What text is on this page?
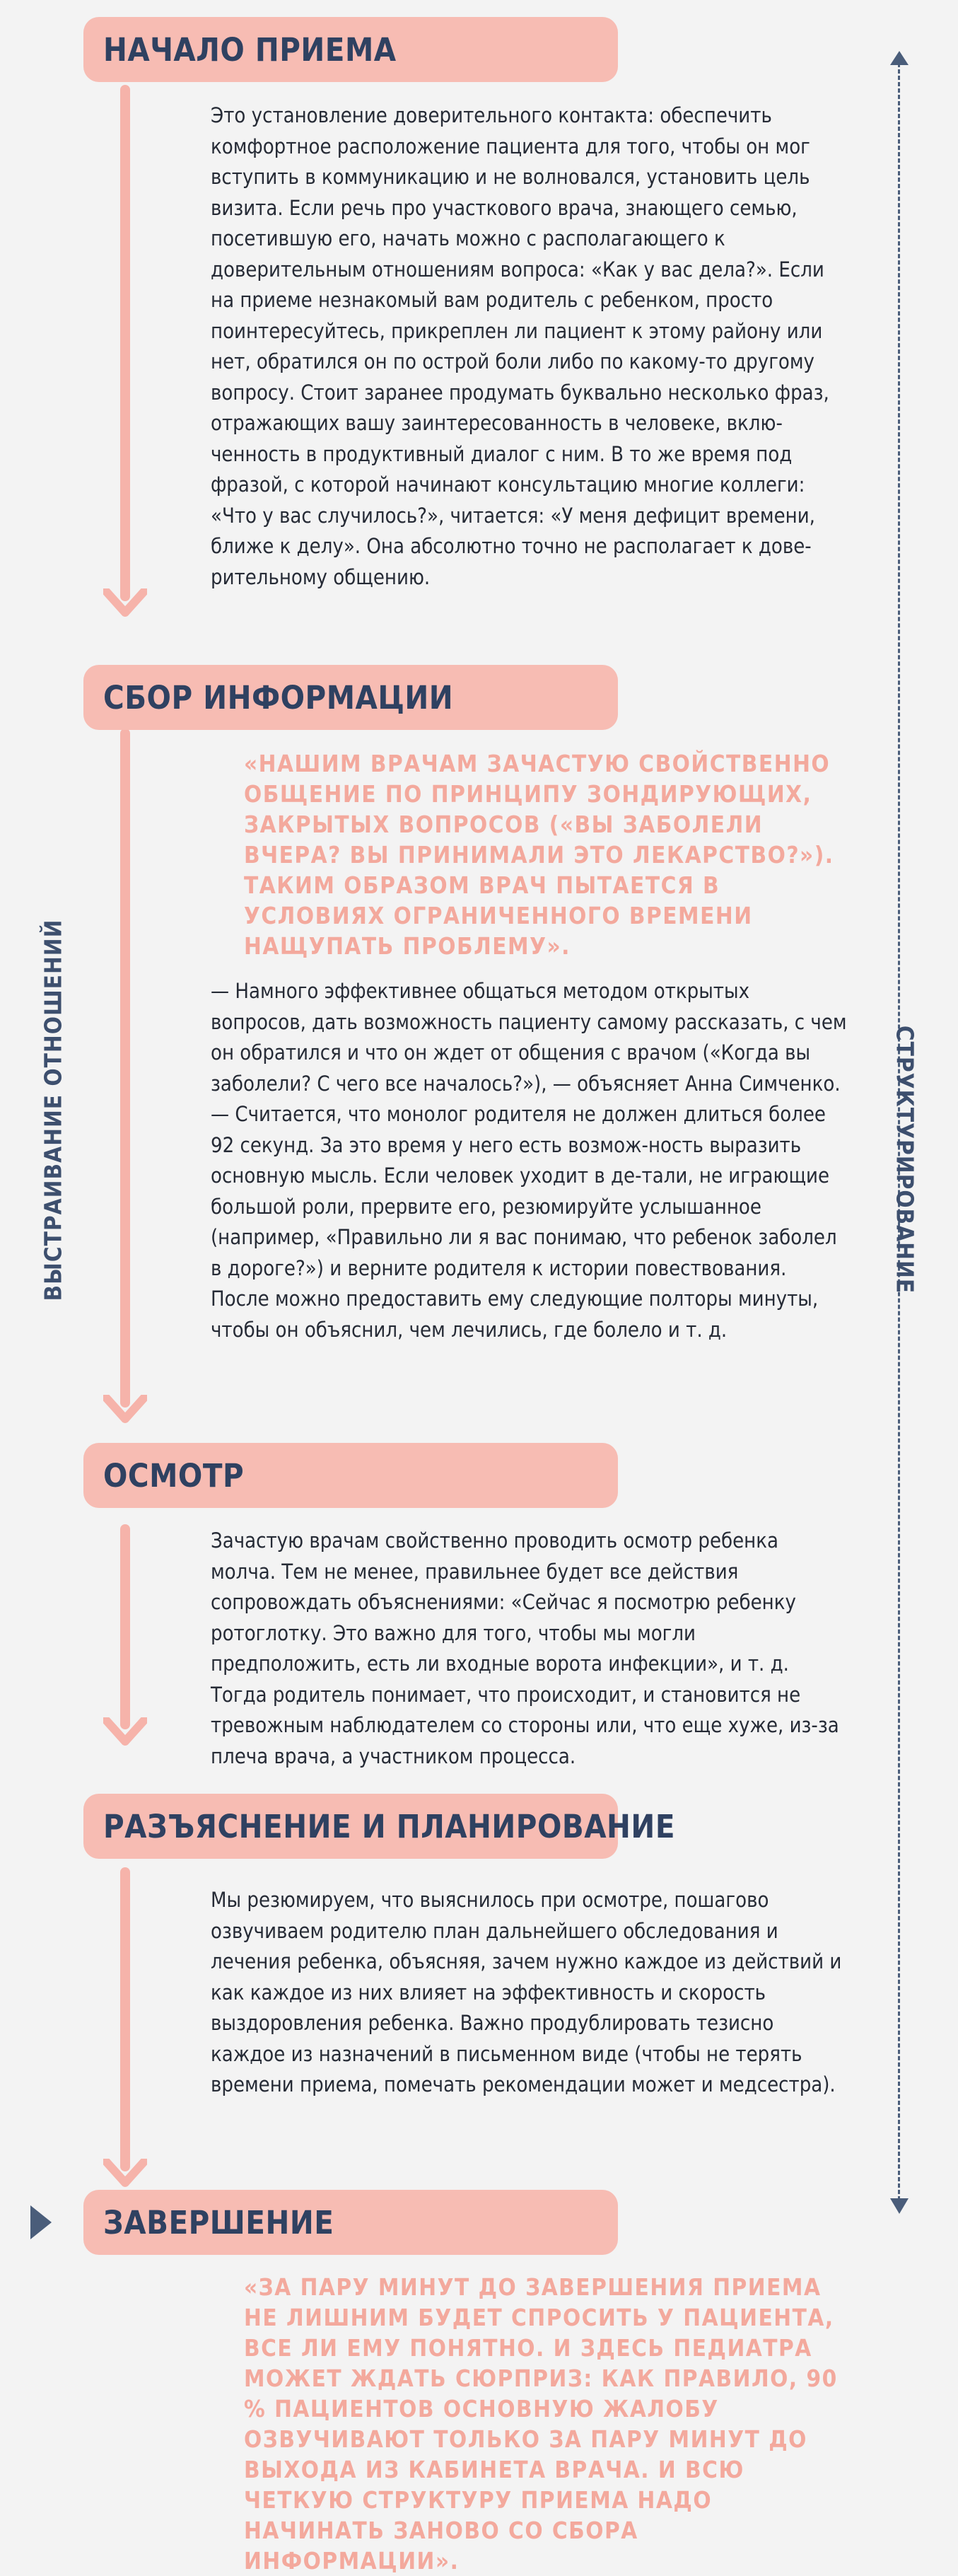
ВЫСТРАИВАНИЕ ОТНОШЕНИЙ	СТРУКТУРИРОВАНИЕ
НАЧАЛО ПРИЕМА
Это установление доверительного контакта: обеспечить комфортное расположение пациента для того, чтобы он мог вступить в коммуникацию и не волновался, установить цель визита. Если речь про участкового врача, знающего семью, посетившую его, начать можно с располагающего к доверительным отношениям вопроса: «Как у вас дела?». Если на приеме незнакомый вам родитель с ребенком, просто поинтересуйтесь, прикреплен ли пациент к этому району или нет, обратился он по острой боли либо по какому-то другому вопросу. Стоит заранее продумать буквально несколько фраз, отражающих вашу заинтересованность в человеке, вклю-ченность в продуктивный диалог с ним. В то же время под фразой, с которой начинают консультацию многие коллеги: «Что у вас случилось?», читается: «У меня дефицит времени, ближе к делу». Она абсолютно точно не располагает к дове-рительному общению.
СБОР ИНФОРМАЦИИ
«НАШИМ ВРАЧАМ ЗАЧАСТУЮ СВОЙСТВЕННО ОБЩЕНИЕ ПО ПРИНЦИПУ ЗОНДИРУЮЩИХ, ЗАКРЫТЫХ ВОПРОСОВ («ВЫ ЗАБОЛЕЛИ ВЧЕРА? ВЫ ПРИНИМАЛИ ЭТО ЛЕКАРСТВО?»). ТАКИМ ОБРАЗОМ ВРАЧ ПЫТАЕТСЯ В УСЛОВИЯХ ОГРАНИЧЕННОГО ВРЕМЕНИ НАЩУПАТЬ ПРОБЛЕМУ».
— Намного эффективнее общаться методом открытых вопросов, дать возможность пациенту самому рассказать, с чем он обратился и что он ждет от общения с врачом («Когда вы заболели? С чего все началось?»), — объясняет Анна Симченко. — Считается, что монолог родителя не должен длиться более 92 секунд. За это время у него есть возмож-ность выразить основную мысль. Если человек уходит в де-тали, не играющие большой роли, прервите его, резюмируйте услышанное (например, «Правильно ли я вас понимаю, что ребенок заболел в дороге?») и верните родителя к истории повествования. После можно предоставить ему следующие полторы минуты, чтобы он объяснил, чем лечились, где болело и т. д.
ОСМОТР
Зачастую врачам свойственно проводить осмотр ребенка молча. Тем не менее, правильнее будет все действия сопровождать объяснениями: «Сейчас я посмотрю ребенку ротоглотку. Это важно для того, чтобы мы могли предположить, есть ли входные ворота инфекции», и т. д. Тогда родитель понимает, что происходит, и становится не тревожным наблюдателем со стороны или, что еще хуже, из-за плеча врача, а участником процесса.
РАЗЪЯСНЕНИЕ И ПЛАНИРОВАНИЕ
Мы резюмируем, что выяснилось при осмотре, пошагово озвучиваем родителю план дальнейшего обследования и лечения ребенка, объясняя, зачем нужно каждое из действий и как каждое из них влияет на эффективность и скорость выздоровления ребенка. Важно продублировать тезисно каждое из назначений в письменном виде (чтобы не терять времени приема, помечать рекомендации может и медсестра).
ЗАВЕРШЕНИЕ
«ЗА ПАРУ МИНУТ ДО ЗАВЕРШЕНИЯ ПРИЕМА НЕ ЛИШНИМ БУДЕТ СПРОСИТЬ У ПАЦИЕНТА, ВСЕ ЛИ ЕМУ ПОНЯТНО. И ЗДЕСЬ ПЕДИАТРА МОЖЕТ ЖДАТЬ СЮРПРИЗ: КАК ПРАВИЛО, 90 % ПАЦИЕНТОВ ОСНОВНУЮ ЖАЛОБУ ОЗВУЧИВАЮТ ТОЛЬКО ЗА ПАРУ МИНУТ ДО ВЫХОДА ИЗ КАБИНЕТА ВРАЧА. И ВСЮ ЧЕТКУЮ СТРУКТУРУ ПРИЕМА НАДО НАЧИНАТЬ ЗАНОВО СО СБОРА ИНФОРМАЦИИ».
